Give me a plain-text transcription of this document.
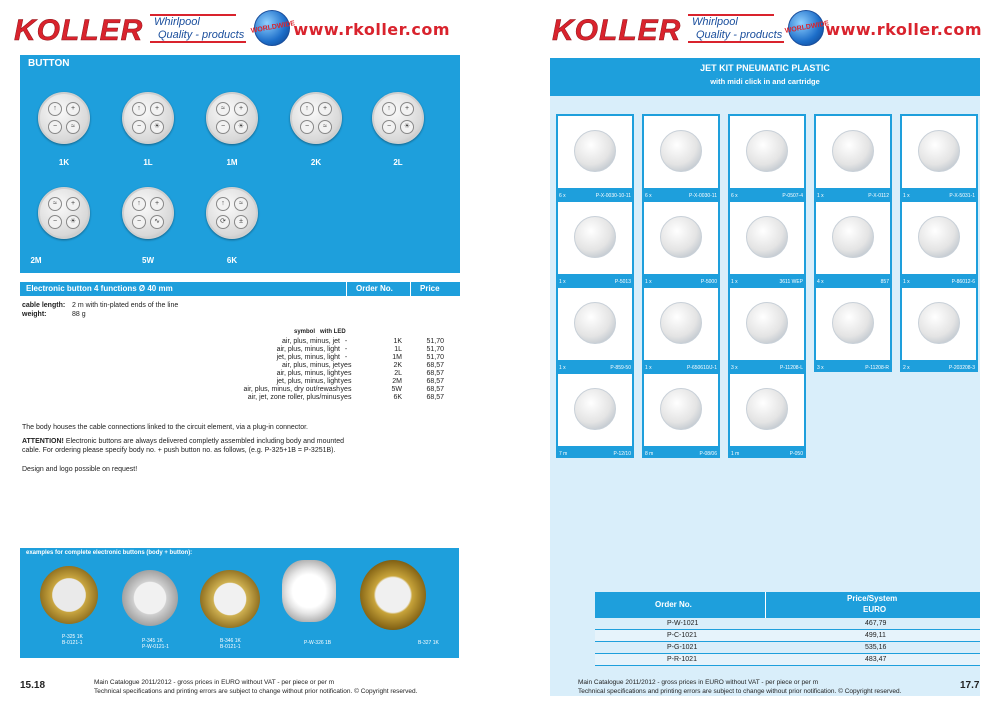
KOLLER Whirlpool
Quality - products
WORLDWIDE
www.rkoller.com
BUTTON
↑	+
−	≈
↑	+
−	☀
≈	+
−	☀
↑	+
−	≈
↑	+
−	☀
1K	1L	1M	2K	2L
≈	+
−	☀
↑	+
−	∿
↑	≈
⟳	±
2M	5W	6K
Electronic button 4 functions Ø 40 mm	Order No.	Price
cable length: 2 m with tin-plated ends of the line
weight:	88 g
symbol with LED
air, plus, minus, jet -	1K	51,70
air, plus, minus, light -	1L	51,70
jet, plus, minus, light -	1M	51,70
air, plus, minus, jet yes	2K	68,57
air, plus, minus, light yes	2L	68,57
jet, plus, minus, light yes	2M	68,57
air, plus, minus, dry out/rewash yes	5W	68,57
air, jet, zone roller, plus/minus yes	6K	68,57
The body houses the cable connections linked to the circuit element, via a plug-in connector.
ATTENTION! Electronic buttons are always delivered completly assembled including body and mounted cable. For ordering please specify body no. + push button no. as follows, (e.g. P-325+1B = P-3251B).
Design and logo possible on request!
examples for complete electronic buttons (body + button):
P-325 1K
B-0121-1	P-345 1K
P-W-0121-1
B-346 1K
B-0121-1
P-W-326 1B	B-327 1K
15.18	Main Catalogue 2011/2012 - gross prices in EURO without VAT - per piece or per m
Technical specifications and printing errors are subject to change without prior notification. © Copyright reserved.
KOLLER Whirlpool
Quality - products
WORLDWIDE
www.rkoller.com
JET KIT PNEUMATIC PLASTIC
with midi click in and cartridge
6 x	P-X-0030-10-11	6 x	P-X-0030-11	6 x	P-0507-4	1 x	P-X-0112	1 x	P-X-5031-1
1 x	P-5013	1 x	P-5000	1 x	3611 WEP	4 x	857	1 x	P-86012-6
1 x	P-859-50	1 x	P-650610/J-1	3 x	P-11208-L	3 x	P-11208-R	2 x	P-203208-3
7 m	P-12/10	8 m	P-08/06	1 m	P-050
Order No.
Price/System
EURO
P-W-1021	467,79
P-C-1021	499,11
P-G-1021	535,16
P-R-1021	483,47
Main Catalogue 2011/2012 - gross prices in EURO without VAT - per piece or per m
Technical specifications and printing errors are subject to change without prior notification. © Copyright reserved.
17.7
